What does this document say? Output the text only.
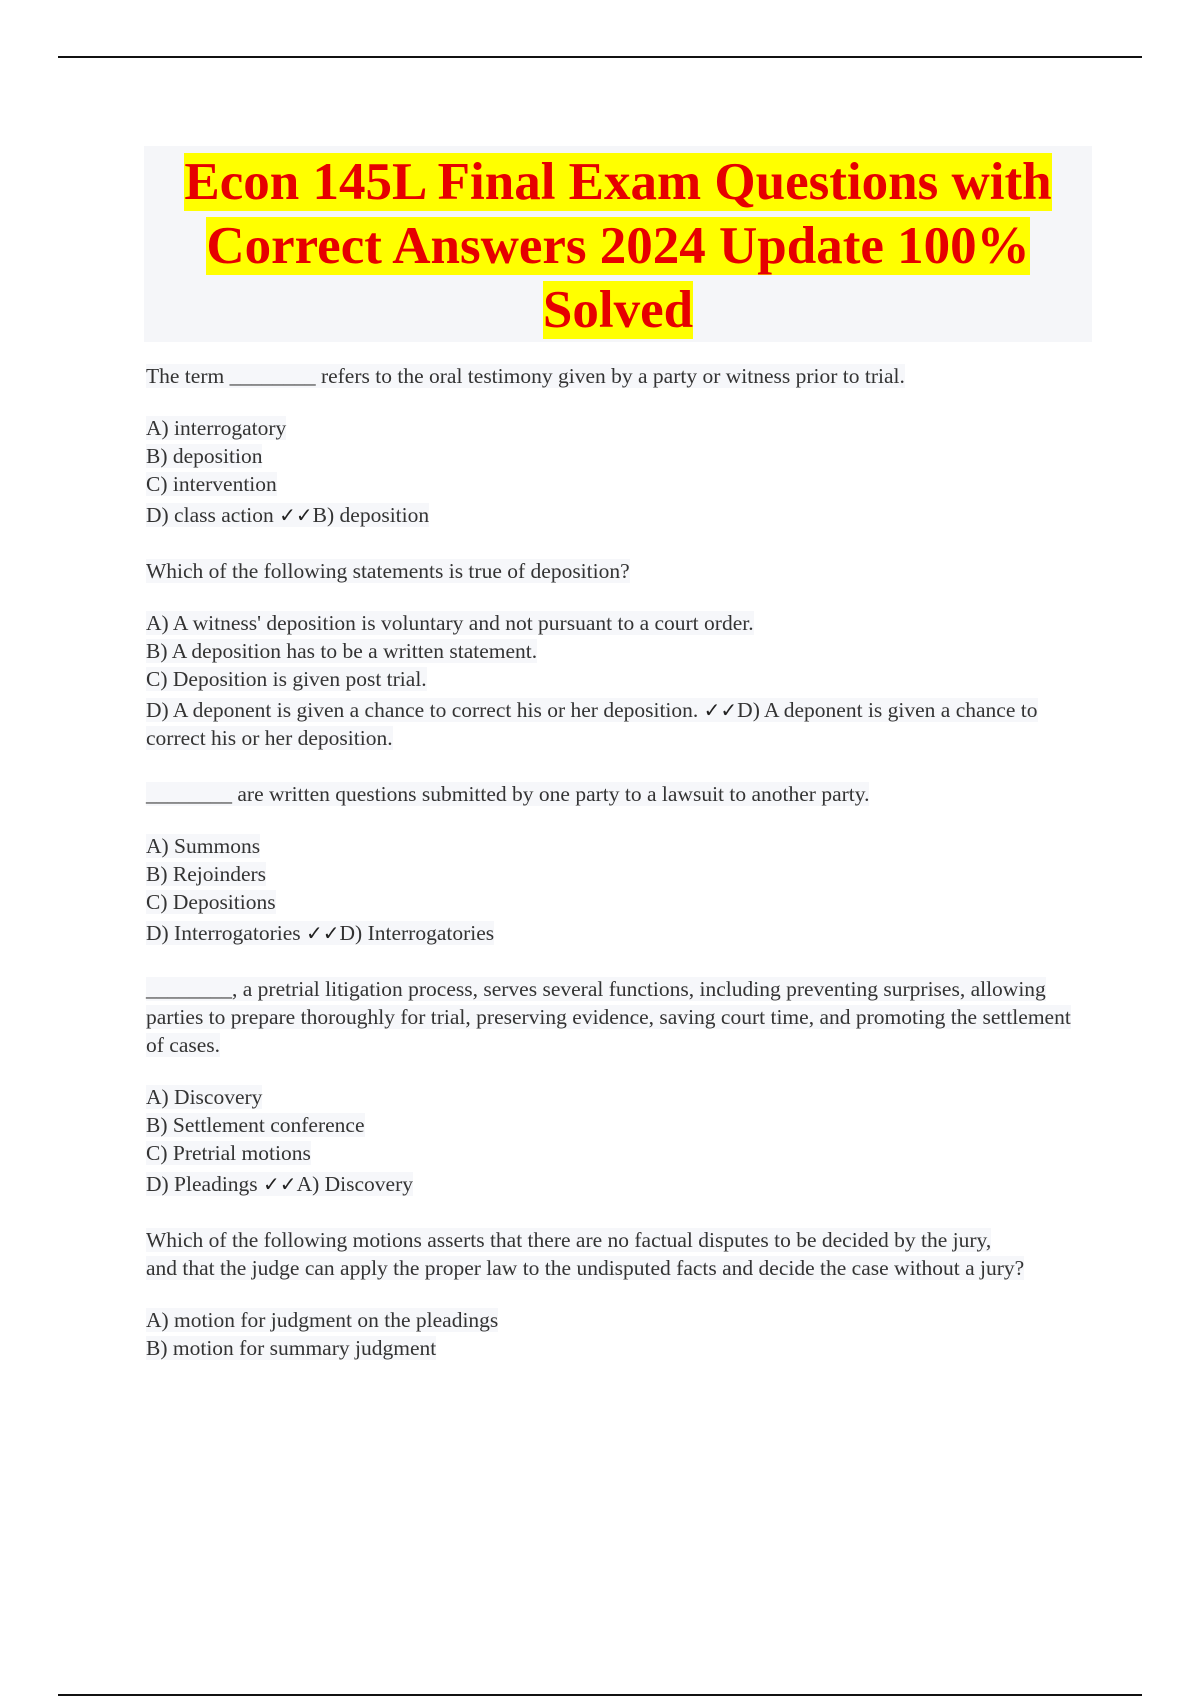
Econ 145L Final Exam Questions with
Correct Answers 2024 Update 100%
Solved
The term ________ refers to the oral testimony given by a party or witness prior to trial.
A) interrogatory
B) deposition
C) intervention
D) class action ✓✓B) deposition
Which of the following statements is true of deposition?
A) A witness' deposition is voluntary and not pursuant to a court order.
B) A deposition has to be a written statement.
C) Deposition is given post trial.
D) A deponent is given a chance to correct his or her deposition. ✓✓D) A deponent is given a chance to correct his or her deposition.
________ are written questions submitted by one party to a lawsuit to another party.
A) Summons
B) Rejoinders
C) Depositions
D) Interrogatories ✓✓D) Interrogatories
________, a pretrial litigation process, serves several functions, including preventing surprises, allowing parties to prepare thoroughly for trial, preserving evidence, saving court time, and promoting the settlement of cases.
A) Discovery
B) Settlement conference
C) Pretrial motions
D) Pleadings ✓✓A) Discovery
Which of the following motions asserts that there are no factual disputes to be decided by the jury,
and that the judge can apply the proper law to the undisputed facts and decide the case without a jury?
A) motion for judgment on the pleadings
B) motion for summary judgment
